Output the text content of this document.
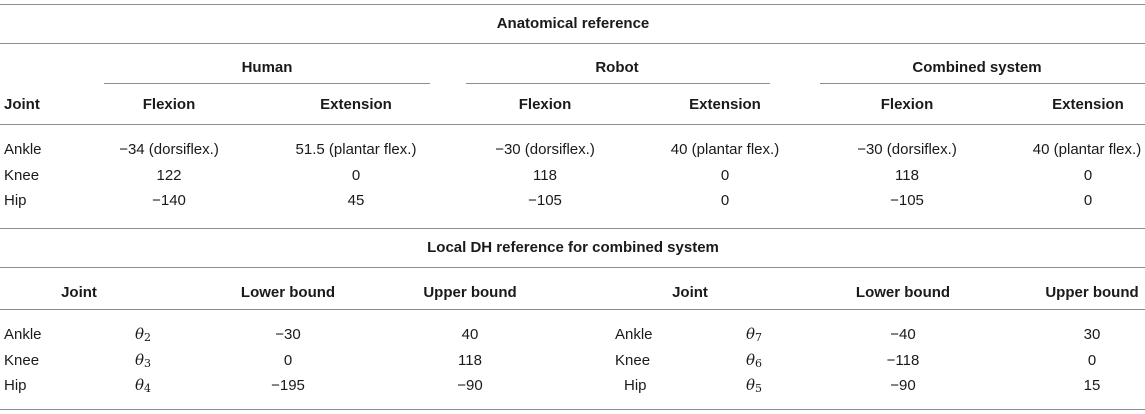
Anatomical reference
Human	Robot	Combined system
Joint	Flexion	Extension	Flexion	Extension	Flexion	Extension
Ankle	−34 (dorsiflex.)	51.5 (plantar flex.)	−30 (dorsiflex.)	40 (plantar flex.)	−30 (dorsiflex.)	40 (plantar flex.)
Knee	122	0	118	0	118	0
Hip	−140	45	−105	0	−105	0
Local DH reference for combined system
Joint	Lower bound	Upper bound	Joint	Lower bound	Upper bound
Ankle	$\theta_2$	−30	40	Ankle	$\theta_7$	−40	30
Knee	$\theta_3$	0	118	Knee	$\theta_6$	−118	0
Hip	$\theta_4$	−195	−90	Hip	$\theta_5$	−90	15
